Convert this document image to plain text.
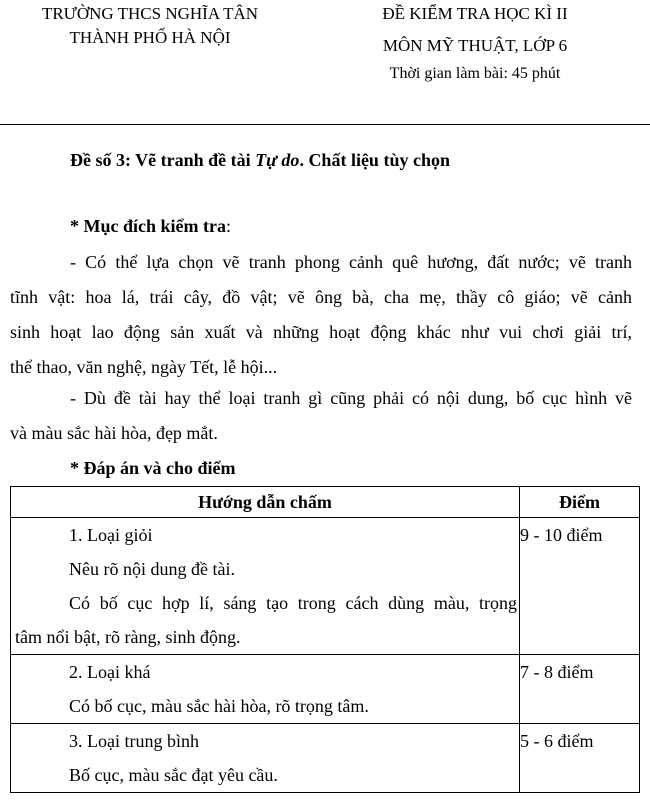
TRƯỜNG THCS NGHĨA TÂN
THÀNH PHỐ HÀ NỘI
ĐỀ KIỂM TRA HỌC KÌ II
MÔN MỸ THUẬT, LỚP 6
Thời gian làm bài: 45 phút
Đề số 3: Vẽ tranh đề tài Tự do. Chất liệu tùy chọn
* Mục đích kiểm tra:
- Có thể lựa chọn vẽ tranh phong cảnh quê hương, đất nước; vẽ tranh
tĩnh vật: hoa lá, trái cây, đồ vật; vẽ ông bà, cha mẹ, thầy cô giáo; vẽ cảnh
sinh hoạt lao động sản xuất và những hoạt động khác như vui chơi giải trí,
thể thao, văn nghệ, ngày Tết, lễ hội...
- Dù đề tài hay thể loại tranh gì cũng phải có nội dung, bố cục hình vẽ
và màu sắc hài hòa, đẹp mắt.
* Đáp án và cho điểm
Hướng dẫn chấm	Điểm

1. Loại giỏi
Nêu rõ nội dung đề tài.
Có bố cục hợp lí, sáng tạo trong cách dùng màu, trọng
tâm nổi bật, rõ ràng, sinh động.	9 - 10 điểm

2. Loại khá
Có bố cục, màu sắc hài hòa, rõ trọng tâm.	7 - 8 điểm

3. Loại trung bình
Bố cục, màu sắc đạt yêu cầu.	5 - 6 điểm
